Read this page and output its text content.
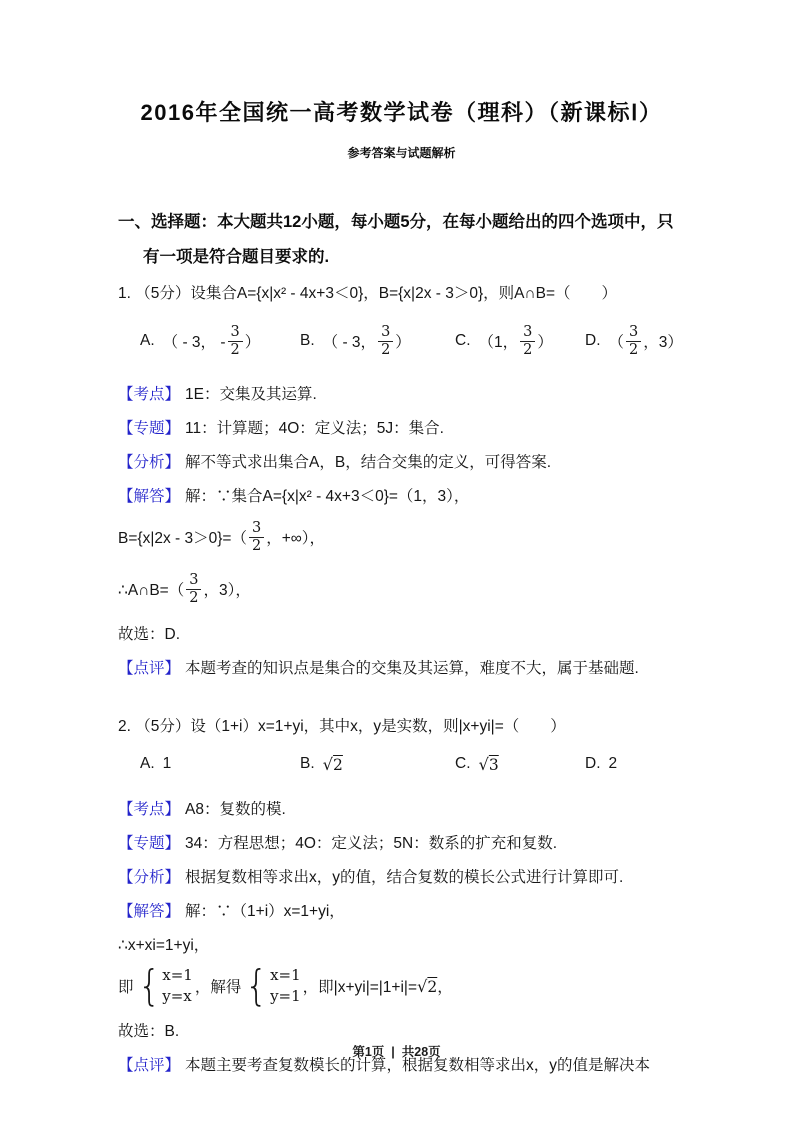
2016年全国统一高考数学试卷（理科）（新课标Ⅰ）
参考答案与试题解析
一、选择题：本大题共12小题，每小题5分，在每小题给出的四个选项中，只
有一项是符合题目要求的.
1. （5分）设集合A={x|x² - 4x+3＜0}，B={x|2x - 3＞0}，则A∩B=（　　）
A. （ - 3， - $\frac{3}{2}$ ）	B. （ - 3， $\frac{3}{2}$ ）	C. （1， $\frac{3}{2}$ ） D. （ $\frac{3}{2}$ ，3）
【考点】 1E：交集及其运算.
【专题】 11：计算题；4O：定义法；5J：集合.
【分析】 解不等式求出集合A，B，结合交集的定义，可得答案.
【解答】 解：∵集合A={x|x² - 4x+3＜0}=（1，3），
$B=\{x|2x - 3>0\}=( \frac{3}{2}$ ，+∞），
∴A∩B=（ $\frac{3}{2}$ ，3），
故选：D.
【点评】 本题考查的知识点是集合的交集及其运算，难度不大，属于基础题.
2. （5分）设（1+i）x=1+yi，其中x，y是实数，则|x+yi|=（　　）
A. 1	B. √ 2	C. √ 3	D. 2
【考点】 A8：复数的模.
【专题】 34：方程思想；4O：定义法；5N：数系的扩充和复数.
【分析】 根据复数相等求出x，y的值，结合复数的模长公式进行计算即可.
【解答】 解：∵（1+i）x=1+yi，
∴x+xi=1+yi，
即 { x=1
y=x ，解得 { x=1
y=1 ，即|x+yi|=|1+i|= √ 2 ，
故选：B.
【点评】 本题主要考查复数模长的计算，根据复数相等求出x，y的值是解决本
第1页 | 共28页
